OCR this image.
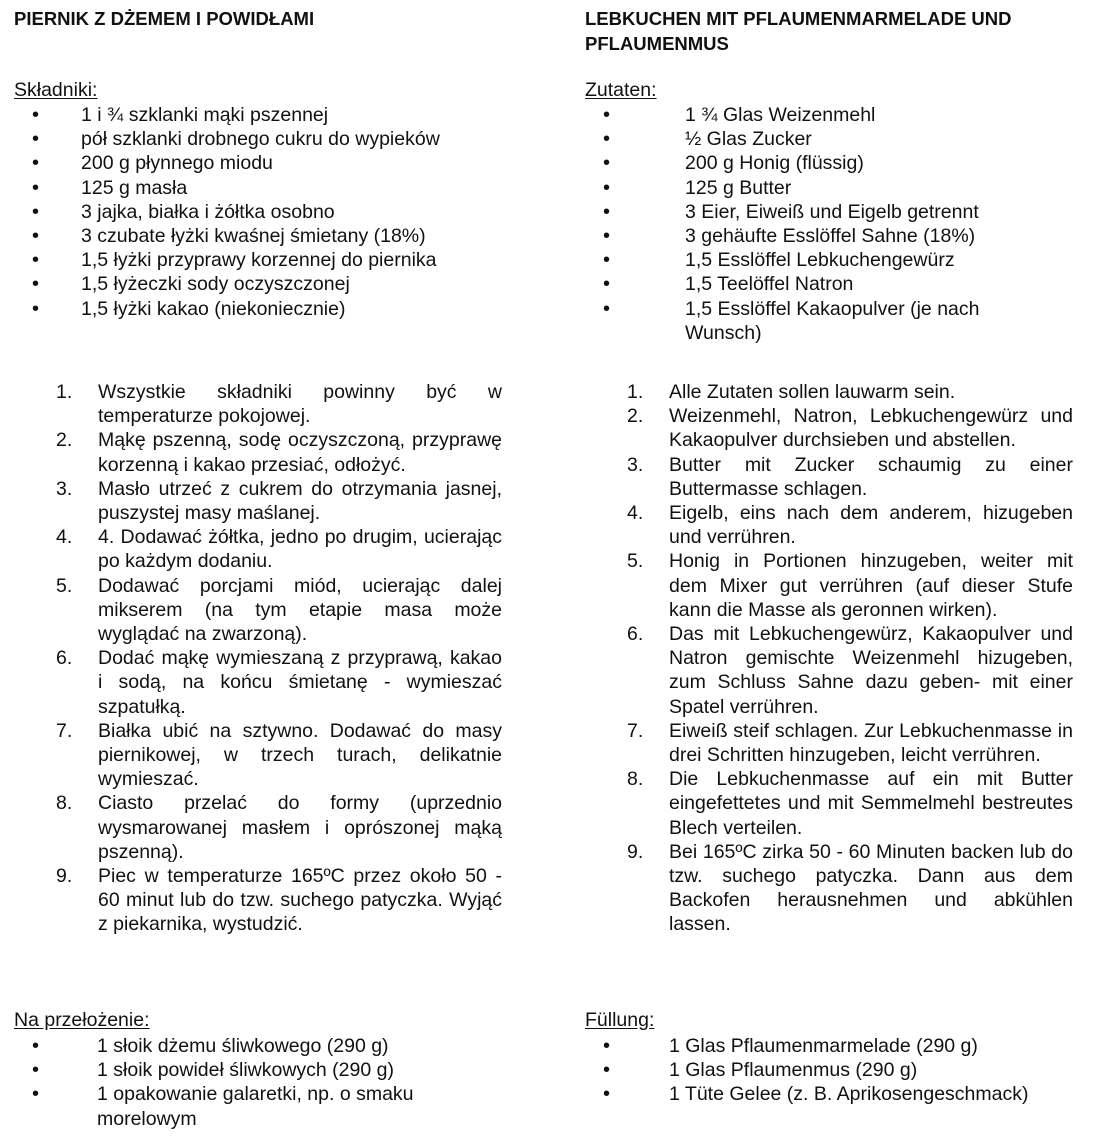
PIERNIK Z DŻEMEM I POWIDŁAMI
Składniki:
• 1 i ¾ szklanki mąki pszennej
• pół szklanki drobnego cukru do wypieków
• 200 g płynnego miodu
• 125 g masła
• 3 jajka, białka i żółtka osobno
• 3 czubate łyżki kwaśnej śmietany (18%)
• 1,5 łyżki przyprawy korzennej do piernika
• 1,5 łyżeczki sody oczyszczonej
• 1,5 łyżki kakao (niekoniecznie)
1. Wszystkie składniki powinny być w temperaturze pokojowej.
2. Mąkę pszenną, sodę oczyszczoną, przyprawę korzenną i kakao przesiać, odłożyć.
3. Masło utrzeć z cukrem do otrzymania jasnej, puszystej masy maślanej.
4. 4. Dodawać żółtka, jedno po drugim, ucierając po każdym dodaniu.
5. Dodawać porcjami miód, ucierając dalej mikserem (na tym etapie masa może wyglądać na zwarzoną).
6. Dodać mąkę wymieszaną z przyprawą, kakao i sodą, na końcu śmietanę - wymieszać szpatułką.
7. Białka ubić na sztywno. Dodawać do masy piernikowej, w trzech turach, delikatnie wymieszać.
8. Ciasto przelać do formy (uprzednio wysmarowanej masłem i oprószonej mąką pszenną).
9. Piec w temperaturze 165ºC przez około 50 - 60 minut lub do tzw. suchego patyczka. Wyjąć z piekarnika, wystudzić.
Na przełożenie:
• 1 słoik dżemu śliwkowego (290 g)
• 1 słoik powideł śliwkowych (290 g)
• 1 opakowanie galaretki, np. o smaku morelowym
LEBKUCHEN MIT PFLAUMENMARMELADE UND PFLAUMENMUS
Zutaten:
• 1 ¾ Glas Weizenmehl
• ½ Glas Zucker
• 200 g Honig (flüssig)
• 125 g Butter
• 3 Eier, Eiweiß und Eigelb getrennt
• 3 gehäufte Esslöffel Sahne (18%)
• 1,5 Esslöffel Lebkuchengewürz
• 1,5 Teelöffel Natron
• 1,5 Esslöffel Kakaopulver (je nach Wunsch)
1. Alle Zutaten sollen lauwarm sein.
2. Weizenmehl, Natron, Lebkuchengewürz und Kakaopulver durchsieben und abstellen.
3. Butter mit Zucker schaumig zu einer Buttermasse schlagen.
4. Eigelb, eins nach dem anderem, hizugeben und verrühren.
5. Honig in Portionen hinzugeben, weiter mit dem Mixer gut verrühren (auf dieser Stufe kann die Masse als geronnen wirken).
6. Das mit Lebkuchengewürz, Kakaopulver und Natron gemischte Weizenmehl hizugeben, zum Schluss Sahne dazu geben- mit einer Spatel verrühren.
7. Eiweiß steif schlagen. Zur Lebkuchenmasse in drei Schritten hinzugeben, leicht verrühren.
8. Die Lebkuchenmasse auf ein mit Butter eingefettetes und mit Semmelmehl bestreutes Blech verteilen.
9. Bei 165ºC zirka 50 - 60 Minuten backen lub do tzw. suchego patyczka. Dann aus dem Backofen herausnehmen und abkühlen lassen.
Füllung:
• 1 Glas Pflaumenmarmelade (290 g)
• 1 Glas Pflaumenmus (290 g)
• 1 Tüte Gelee (z. B. Aprikosengeschmack)
